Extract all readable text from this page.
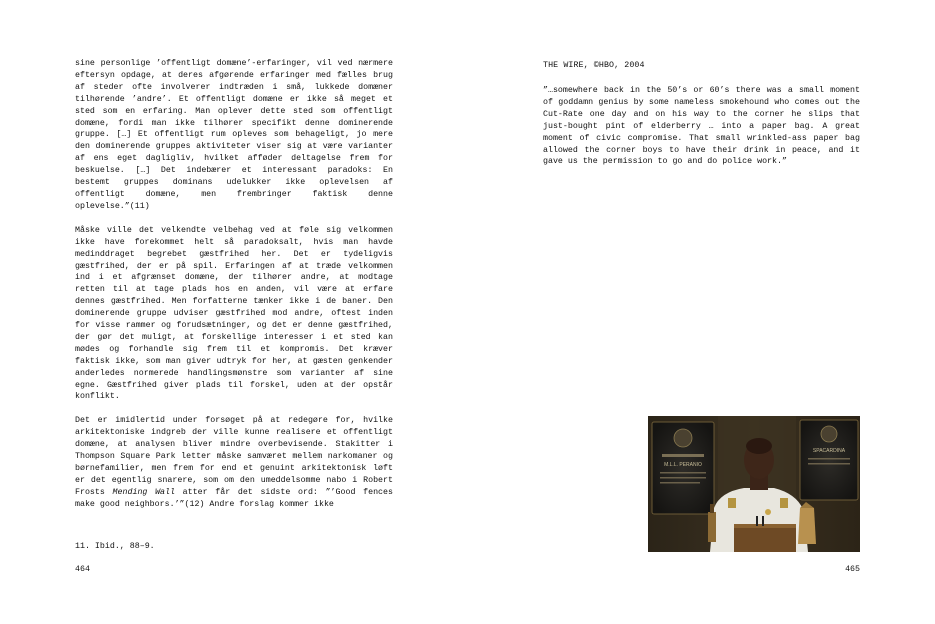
sine personlige ’offentligt domæne’-erfaringer, vil ved nærmere eftersyn opdage, at deres afgørende erfaringer med fælles brug af steder ofte involverer indtræden i små, lukkede domæner tilhørende ’andre’. Et offentligt domæne er ikke så meget et sted som en erfaring. Man oplever dette sted som offentligt domæne, fordi man ikke tilhører specifikt denne dominerende gruppe. […] Et offentligt rum opleves som behageligt, jo mere den dominerende gruppes aktiviteter viser sig at være varianter af ens eget dagligliv, hvilket afføder deltagelse frem for beskuelse. […] Det indebærer et interessant paradoks: En bestemt gruppes dominans udelukker ikke oplevelsen af offentligt domæne, men frembringer faktisk denne oplevelse.”(11)

Måske ville det velkendte velbehag ved at føle sig velkommen ikke have forekommet helt så paradoksalt, hvis man havde medinddraget begrebet gæstfrihed her. Det er tydeligvis gæstfrihed, der er på spil. Erfaringen af at træde velkommen ind i et afgrænset domæne, der tilhører andre, at modtage retten til at tage plads hos en anden, vil være at erfare dennes gæstfrihed. Men forfatterne tænker ikke i de baner. Den dominerende gruppe udviser gæstfrihed mod andre, oftest inden for visse rammer og forudsætninger, og det er denne gæstfrihed, der gør det muligt, at forskellige interesser i et sted kan mødes og forhandle sig frem til et kompromis. Det kræver faktisk ikke, som man giver udtryk for her, at gæsten genkender anderledes normerede handlingsmønstre som varianter af sine egne. Gæstfrihed giver plads til forskel, uden at der opstår konflikt.

Det er imidlertid under forsøget på at redegøre for, hvilke arkitektoniske indgreb der ville kunne realisere et offentligt domæne, at analysen bliver mindre overbevisende. Stakitter i Thompson Square Park letter måske samværet mellem narkomaner og børnefamilier, men frem for end et genuint arkitektonisk løft er det egentlig snarere, som om den umeddelsomme nabo i Robert Frosts Mending Wall atter får det sidste ord: ”’Good fences make good neighbors.’”(12) Andre forslag kommer ikke

11. Ibid., 88–9.
464
THE WIRE, ©HBO, 2004

”…somewhere back in the 50’s or 60’s there was a small moment of goddamn genius by some nameless smokehound who comes out the Cut-Rate one day and on his way to the corner he slips that just-bought pint of elderberry … into a paper bag. A great moment of civic compromise. That small wrinkled-ass paper bag allowed the corner boys to have their drink in peace, and it gave us the permission to go and do police work.”

M.L.L. PERANIO
SPACARDINA
465
